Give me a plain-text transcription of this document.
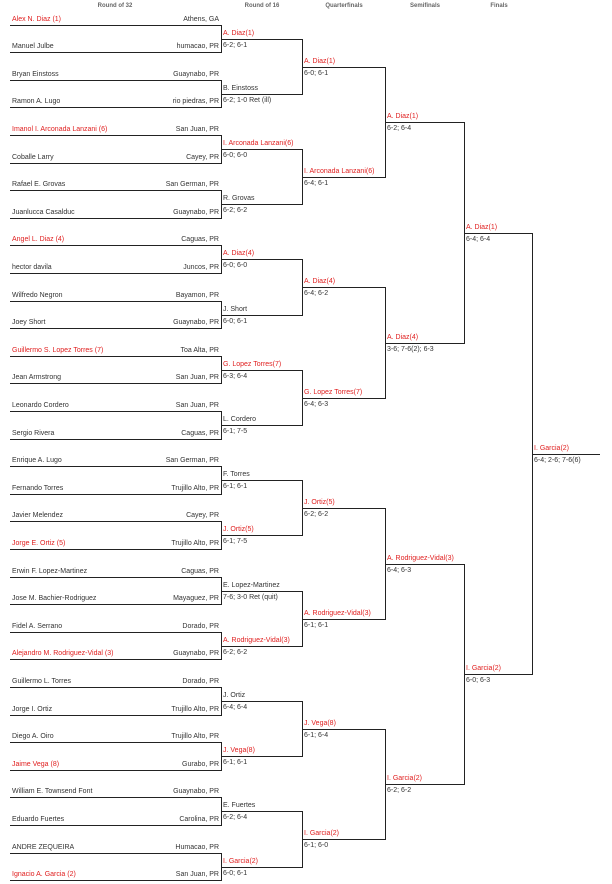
Round of 32	Round of 16	Quarterfinals	Semifinals	Finals
Alex N. Diaz (1)	Athens, GA
Manuel Julbe	humacao, PR
Bryan Einstoss	Guaynabo, PR
Ramon A. Lugo	rio piedras, PR
Imanol I. Arconada Lanzani (6)	San Juan, PR
Coballe Larry	Cayey, PR
Rafael E. Grovas	San German, PR
Juanlucca Casalduc	Guaynabo, PR
Angel L. Diaz (4)	Caguas, PR
hector davila	Juncos, PR
Wilfredo Negron	Bayamon, PR
Joey Short	Guaynabo, PR
Guillermo S. Lopez Torres (7)	Toa Alta, PR
Jean Armstrong	San Juan, PR
Leonardo Cordero	San Juan, PR
Sergio Rivera	Caguas, PR
Enrique A. Lugo	San German, PR
Fernando Torres	Trujillo Alto, PR
Javier Melendez	Cayey, PR
Jorge E. Ortiz (5)	Trujillo Alto, PR
Erwin F. Lopez-Martinez	Caguas, PR
Jose M. Bachier-Rodriguez	Mayaguez, PR
Fidel A. Serrano	Dorado, PR
Alejandro M. Rodriguez-Vidal (3)	Guaynabo, PR
Guillermo L. Torres	Dorado, PR
Jorge I. Ortiz	Trujillo Alto, PR
Diego A. Oiro	Trujillo Alto, PR
Jaime Vega (8)	Gurabo, PR
William E. Townsend Font	Guaynabo, PR
Eduardo Fuertes	Carolina, PR
ANDRE ZEQUEIRA	Humacao, PR
Ignacio A. Garcia (2)	San Juan, PR
A. Diaz(1)
6-2; 6-1
B. Einstoss
6-2; 1-0 Ret (ill)
I. Arconada Lanzani(6)
6-0; 6-0
R. Grovas
6-2; 6-2
A. Diaz(4)
6-0; 6-0
J. Short
6-0; 6-1
G. Lopez Torres(7)
6-3; 6-4
L. Cordero
6-1; 7-5
F. Torres
6-1; 6-1
J. Ortiz(5)
6-1; 7-5
E. Lopez-Martinez
7-6; 3-0 Ret (quit)
A. Rodriguez-Vidal(3)
6-2; 6-2
J. Ortiz
6-4; 6-4
J. Vega(8)
6-1; 6-1
E. Fuertes
6-2; 6-4
I. Garcia(2)
6-0; 6-1
A. Diaz(1)
6-0; 6-1
I. Arconada Lanzani(6)
6-4; 6-1
A. Diaz(4)
6-4; 6-2
G. Lopez Torres(7)
6-4; 6-3
J. Ortiz(5)
6-2; 6-2
A. Rodriguez-Vidal(3)
6-1; 6-1
J. Vega(8)
6-1; 6-4
I. Garcia(2)
6-1; 6-0
A. Diaz(1)
6-2; 6-4
A. Diaz(4)
3-6; 7-6(2); 6-3
A. Rodriguez-Vidal(3)
6-4; 6-3
I. Garcia(2)
6-2; 6-2
A. Diaz(1)
6-4; 6-4
I. Garcia(2)
6-0; 6-3
I. Garcia(2)
6-4; 2-6; 7-6(6)
